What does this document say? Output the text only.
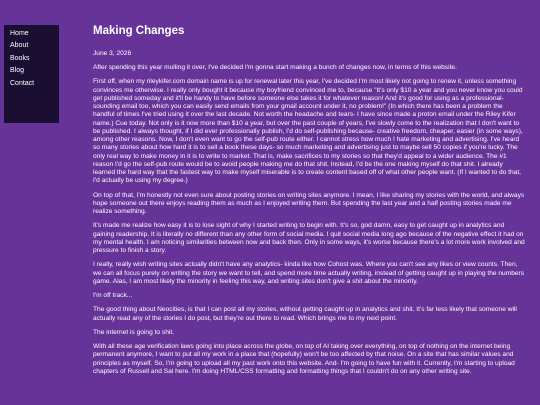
Home
About
Books
Blog
Contact
Making Changes

June 3, 2026

After spending this year mulling it over, I've decided I'm gonna start making a bunch of changes now, in terms of this website.

First off, when my rileykifer.com domain name is up for renewal later this year, I've decided I'm most likely not going to renew it, unless something convinces me otherwise. I really only bought it because my boyfriend convinced me to, because "It's only $10 a year and you never know you could get published someday and it'll be handy to have before someone else takes it for whatever reason! And it's good for using as a professional-sounding email too, which you can easily send emails from your gmail account under it, no problem!" (In which there has been a problem the handful of times I've tried using it over the last decade. Not worth the headache and tears- I have since made a proton email under the Riley Kifer name.) Cue today. Not only is it now more than $10 a year, but over the past couple of years, I've slowly come to the realization that I don't want to be published. I always thought, if I did ever professionally publish, I'd do self-publishing because- creative freedom, cheaper, easier (in some ways), among other reasons. Now, I don't even want to go the self-pub route either. I cannot stress how much I hate marketing and advertising. I've heard so many stories about how hard it is to sell a book these days- so much marketing and advertising just to maybe sell 50 copies if you're lucky. The only real way to make money in it is to write to market. That is, make sacrifices to my stories so that they'd appeal to a wider audience. The #1 reason I'd go the self-pub route would be to avoid people making me do that shit. Instead, I'd be the one making myself do that shit. I already learned the hard way that the fastest way to make myself miserable is to create content based off of what other people want. (If I wanted to do that, I'd actually be using my degree.)

On top of that, I'm honestly not even sure about posting stories on writing sites anymore. I mean, I like sharing my stories with the world, and always hope someone out there enjoys reading them as much as I enjoyed writing them. But spending the last year and a half posting stories made me realize something.

It's made me realize how easy it is to lose sight of why I started writing to begin with. It's so, god damn, easy to get caught up in analytics and gaining readership. It is literally no different than any other form of social media. I quit social media long ago because of the negative effect it had on my mental health. I am noticing similarities between now and back then. Only in some ways, it's worse because there's a lot more work involved and pressure to finish a story.

I really, really wish writing sites actually didn't have any analytics- kinda like how Cohost was. Where you can't see any likes or view counts. Then, we can all focus purely on writing the story we want to tell, and spend more time actually writing, instead of getting caught up in playing the numbers game. Alas, I am most likely the minority in feeling this way, and writing sites don't give a shit about the minority.

I'm off track...

The good thing about Neocities, is that I can post all my stories, without getting caught up in analytics and shit. It's far less likely that someone will actually read any of the stories I do post, but they're out there to read. Which brings me to my next point.

The internet is going to shit.

With all these age verification laws going into place across the globe, on top of AI taking over everything, on top of nothing on the internet being permanent anymore, I want to put all my work in a place that (hopefully) won't be too affected by that noise. On a site that has similar values and principles as myself. So, I'm going to upload all my past work onto this website. And- I'm going to have fun with it. Currently, I'm starting to upload chapters of Russell and Sal here. I'm doing HTML/CSS formatting and formatting things that I couldn't do on any other writing site.
